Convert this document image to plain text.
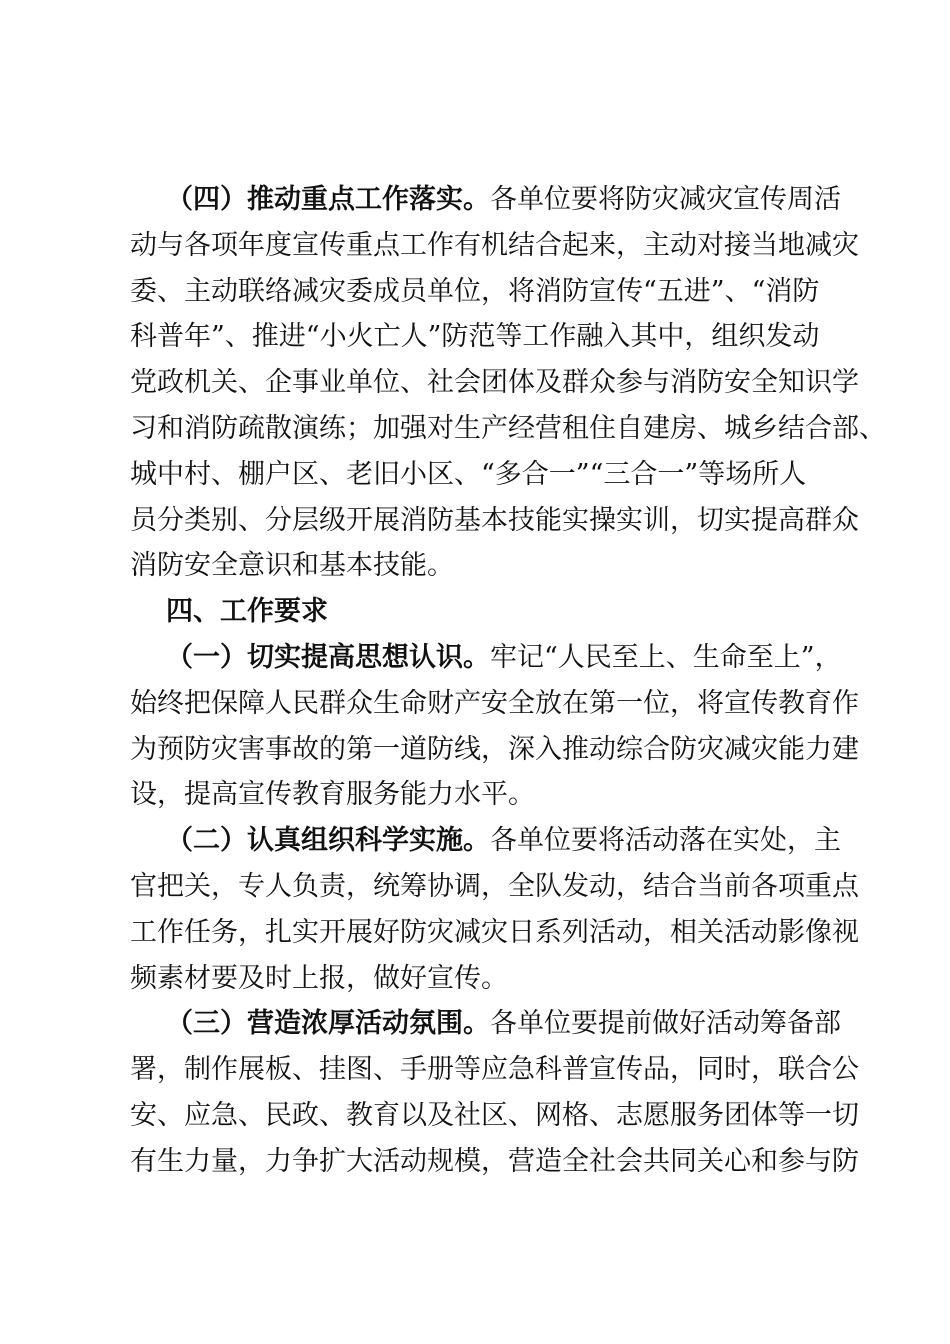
（四）推动重点工作落实。各单位要将防灾减灾宣传周活
动与各项年度宣传重点工作有机结合起来，主动对接当地减灾
委、主动联络减灾委成员单位，将消防宣传“五进”、“消防
科普年”、推进“小火亡人”防范等工作融入其中，组织发动
党政机关、企事业单位、社会团体及群众参与消防安全知识学
习和消防疏散演练；加强对生产经营租住自建房、城乡结合部、
城中村、棚户区、老旧小区、“多合一”“三合一”等场所人
员分类别、分层级开展消防基本技能实操实训，切实提高群众
消防安全意识和基本技能。
四、工作要求
（一）切实提高思想认识。牢记“人民至上、生命至上”，
始终把保障人民群众生命财产安全放在第一位，将宣传教育作
为预防灾害事故的第一道防线，深入推动综合防灾减灾能力建
设，提高宣传教育服务能力水平。
（二）认真组织科学实施。各单位要将活动落在实处，主
官把关，专人负责，统筹协调，全队发动，结合当前各项重点
工作任务，扎实开展好防灾减灾日系列活动，相关活动影像视
频素材要及时上报，做好宣传。
（三）营造浓厚活动氛围。各单位要提前做好活动筹备部
署，制作展板、挂图、手册等应急科普宣传品，同时，联合公
安、应急、民政、教育以及社区、网格、志愿服务团体等一切
有生力量，力争扩大活动规模，营造全社会共同关心和参与防
